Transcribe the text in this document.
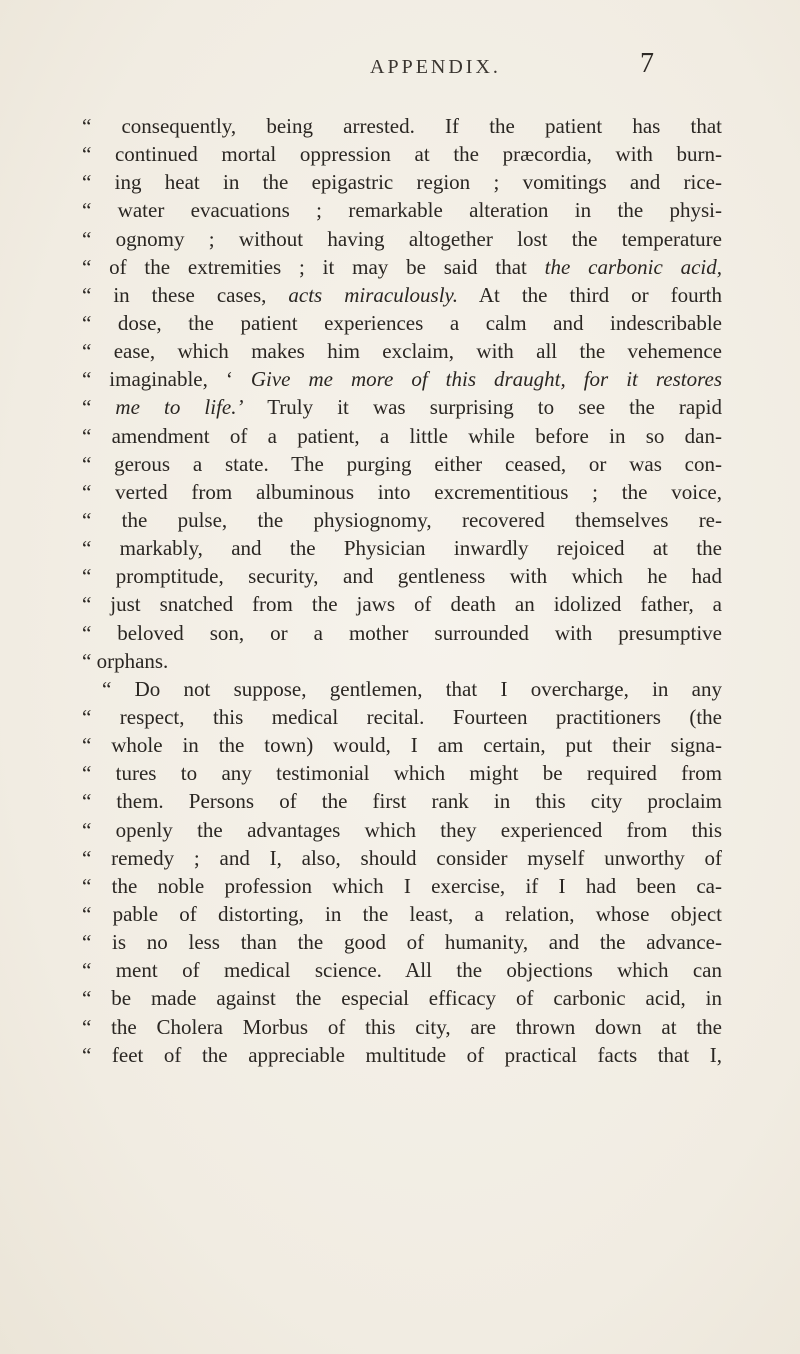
APPENDIX.	7
“ consequently, being arrested. If the patient has that
“ continued mortal oppression at the præcordia, with burn-
“ ing heat in the epigastric region ; vomitings and rice-
“ water evacuations ; remarkable alteration in the physi-
“ ognomy ; without having altogether lost the temperature
“ of the extremities ; it may be said that the carbonic acid,
“ in these cases, acts miraculously. At the third or fourth
“ dose, the patient experiences a calm and indescribable
“ ease, which makes him exclaim, with all the vehemence
“ imaginable, ‘ Give me more of this draught, for it restores
“ me to life.’ Truly it was surprising to see the rapid
“ amendment of a patient, a little while before in so dan-
“ gerous a state. The purging either ceased, or was con-
“ verted from albuminous into excrementitious ; the voice,
“ the pulse, the physiognomy, recovered themselves re-
“ markably, and the Physician inwardly rejoiced at the
“ promptitude, security, and gentleness with which he had
“ just snatched from the jaws of death an idolized father, a
“ beloved son, or a mother surrounded with presumptive
“ orphans.
“ Do not suppose, gentlemen, that I overcharge, in any
“ respect, this medical recital. Fourteen practitioners (the
“ whole in the town) would, I am certain, put their signa-
“ tures to any testimonial which might be required from
“ them. Persons of the first rank in this city proclaim
“ openly the advantages which they experienced from this
“ remedy ; and I, also, should consider myself unworthy of
“ the noble profession which I exercise, if I had been ca-
“ pable of distorting, in the least, a relation, whose object
“ is no less than the good of humanity, and the advance-
“ ment of medical science. All the objections which can
“ be made against the especial efficacy of carbonic acid, in
“ the Cholera Morbus of this city, are thrown down at the
“ feet of the appreciable multitude of practical facts that I,
